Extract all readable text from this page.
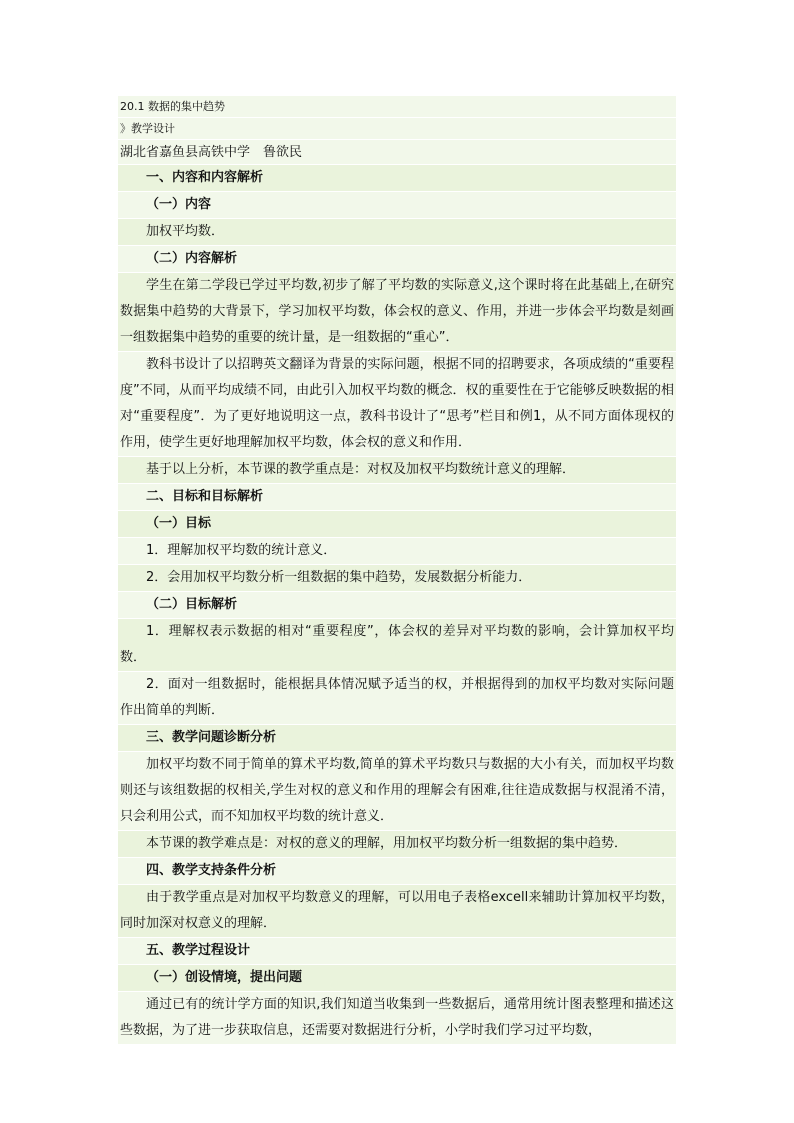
20.1 数据的集中趋势
》教学设计
湖北省嘉鱼县高铁中学　鲁欲民
一、内容和内容解析
（一）内容
加权平均数．
（二）内容解析
学生在第二学段已学过平均数,初步了解了平均数的实际意义,这个课时将在此基础上,在研究数据集中趋势的大背景下，学习加权平均数，体会权的意义、作用，并进一步体会平均数是刻画一组数据集中趋势的重要的统计量，是一组数据的“重心”．
教科书设计了以招聘英文翻译为背景的实际问题，根据不同的招聘要求，各项成绩的“重要程度”不同，从而平均成绩不同，由此引入加权平均数的概念．权的重要性在于它能够反映数据的相对“重要程度”．为了更好地说明这一点，教科书设计了“思考”栏目和例1，从不同方面体现权的作用，使学生更好地理解加权平均数，体会权的意义和作用．
基于以上分析，本节课的教学重点是：对权及加权平均数统计意义的理解．
二、目标和目标解析
（一）目标
1．理解加权平均数的统计意义．
2．会用加权平均数分析一组数据的集中趋势，发展数据分析能力．
（二）目标解析
1．理解权表示数据的相对“重要程度”，体会权的差异对平均数的影响，会计算加权平均数．
2．面对一组数据时，能根据具体情况赋予适当的权，并根据得到的加权平均数对实际问题作出简单的判断．
三、教学问题诊断分析
加权平均数不同于简单的算术平均数,简单的算术平均数只与数据的大小有关，而加权平均数则还与该组数据的权相关,学生对权的意义和作用的理解会有困难,往往造成数据与权混淆不清，只会利用公式，而不知加权平均数的统计意义．
本节课的教学难点是：对权的意义的理解，用加权平均数分析一组数据的集中趋势．
四、教学支持条件分析
由于教学重点是对加权平均数意义的理解，可以用电子表格excell来辅助计算加权平均数，同时加深对权意义的理解．
五、教学过程设计
（一）创设情境，提出问题
通过已有的统计学方面的知识,我们知道当收集到一些数据后，通常用统计图表整理和描述这些数据，为了进一步获取信息，还需要对数据进行分析，小学时我们学习过平均数，
